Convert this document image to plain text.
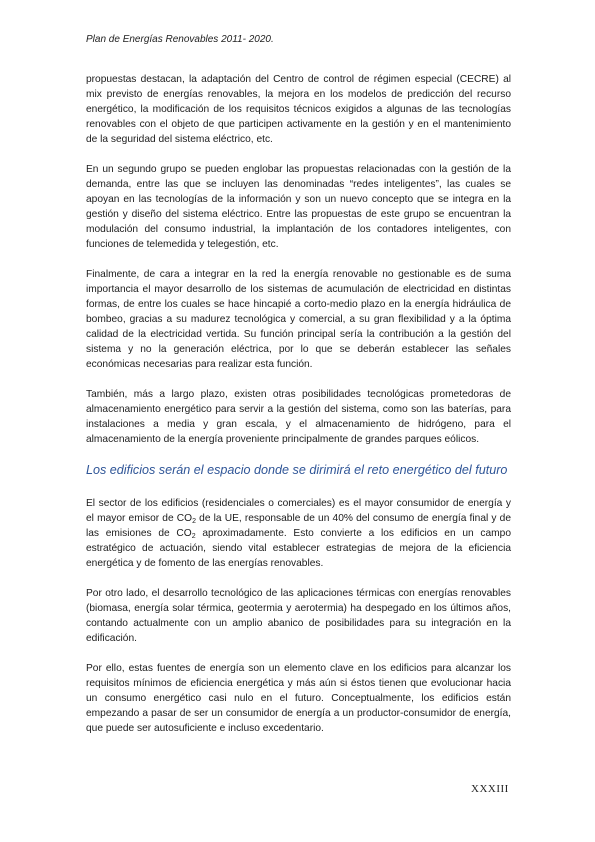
Plan de Energías Renovables 2011- 2020.

propuestas destacan, la adaptación del Centro de control de régimen especial (CECRE) al mix previsto de energías renovables, la mejora en los modelos de predicción del recurso energético, la modificación de los requisitos técnicos exigidos a algunas de las tecnologías renovables con el objeto de que participen activamente en la gestión y en el mantenimiento de la seguridad del sistema eléctrico, etc.

En un segundo grupo se pueden englobar las propuestas relacionadas con la gestión de la demanda, entre las que se incluyen las denominadas “redes inteligentes”, las cuales se apoyan en las tecnologías de la información y son un nuevo concepto que se integra en la gestión y diseño del sistema eléctrico. Entre las propuestas de este grupo se encuentran la modulación del consumo industrial, la implantación de los contadores inteligentes, con funciones de telemedida y telegestión, etc.

Finalmente, de cara a integrar en la red la energía renovable no gestionable es de suma importancia el mayor desarrollo de los sistemas de acumulación de electricidad en distintas formas, de entre los cuales se hace hincapié a corto-medio plazo en la energía hidráulica de bombeo, gracias a su madurez tecnológica y comercial, a su gran flexibilidad y a la óptima calidad de la electricidad vertida. Su función principal sería la contribución a la gestión del sistema y no la generación eléctrica, por lo que se deberán establecer las señales económicas necesarias para realizar esta función.

También, más a largo plazo, existen otras posibilidades tecnológicas prometedoras de almacenamiento energético para servir a la gestión del sistema, como son las baterías, para instalaciones a media y gran escala, y el almacenamiento de hidrógeno, para el almacenamiento de la energía proveniente principalmente de grandes parques eólicos.

Los edificios serán el espacio donde se dirimirá el reto energético del futuro

El sector de los edificios (residenciales o comerciales) es el mayor consumidor de energía y el mayor emisor de $CO_2$ de la UE, responsable de un 40% del consumo de energía final y de las emisiones de $CO_2$ aproximadamente. Esto convierte a los edificios en un campo estratégico de actuación, siendo vital establecer estrategias de mejora de la eficiencia energética y de fomento de las energías renovables.

Por otro lado, el desarrollo tecnológico de las aplicaciones térmicas con energías renovables (biomasa, energía solar térmica, geotermia y aerotermia) ha despegado en los últimos años, contando actualmente con un amplio abanico de posibilidades para su integración en la edificación.

Por ello, estas fuentes de energía son un elemento clave en los edificios para alcanzar los requisitos mínimos de eficiencia energética y más aún si éstos tienen que evolucionar hacia un consumo energético casi nulo en el futuro. Conceptualmente, los edificios están empezando a pasar de ser un consumidor de energía a un productor-consumidor de energía, que puede ser autosuficiente e incluso excedentario.

XXXIII
